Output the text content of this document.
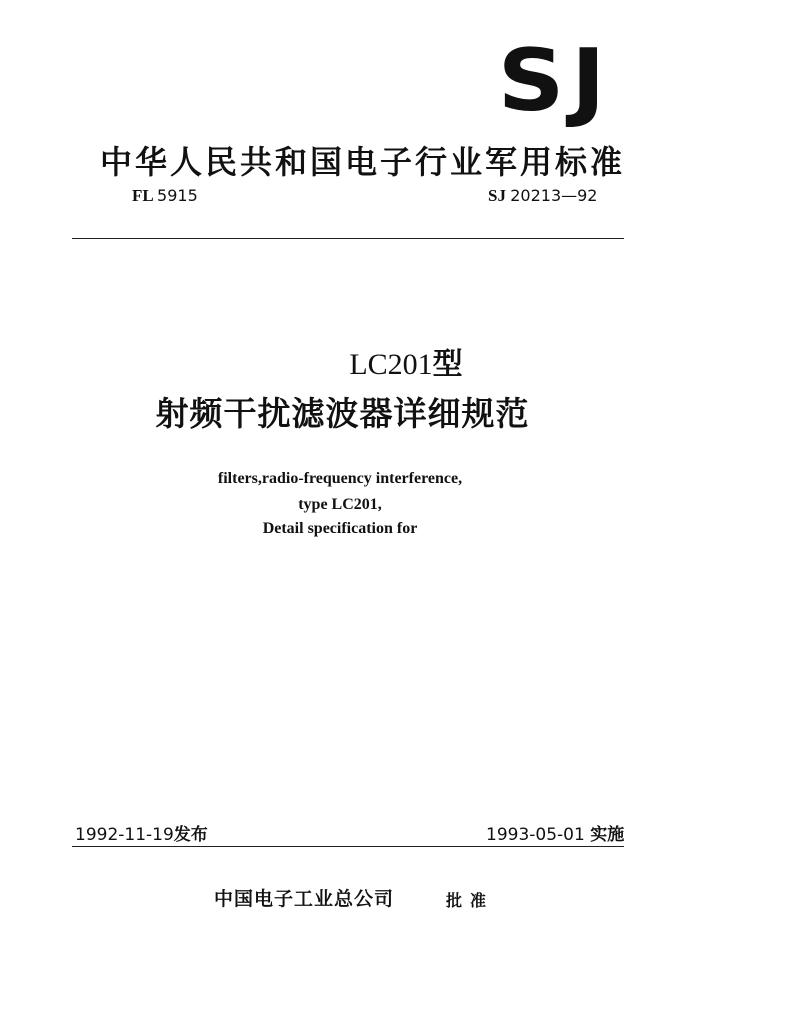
SJ
中华人民共和国电子行业军用标准
FL 5915	SJ 20213—92
LC201型
射频干扰滤波器详细规范
filters,radio-frequency interference,
type LC201,
Detail specification for
1992-11-19发布	1993-05-01 实施
中国电子工业总公司	批准
